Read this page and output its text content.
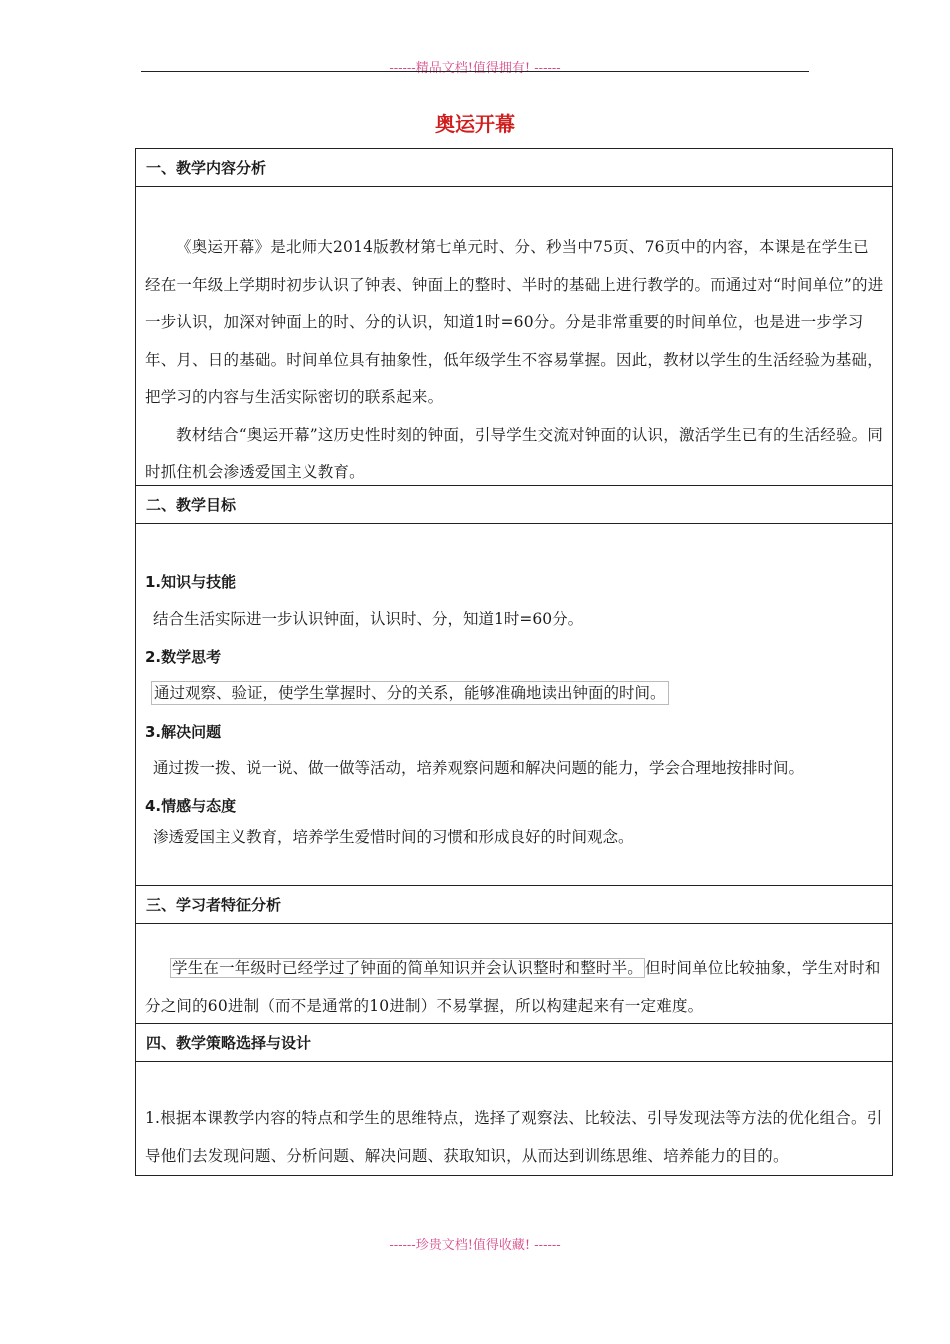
------精品文档!值得拥有! ------
奥运开幕
一、教学内容分析

《奥运开幕》是北师大2014版教材第七单元时、分、秒当中75页、76页中的内容，本课是在学生已经在一年级上学期时初步认识了钟表、钟面上的整时、半时的基础上进行教学的。而通过对“时间单位”的进一步认识，加深对钟面上的时、分的认识，知道1时=60分。分是非常重要的时间单位，也是进一步学习年、月、日的基础。时间单位具有抽象性，低年级学生不容易掌握。因此，教材以学生的生活经验为基础，把学习的内容与生活实际密切的联系起来。

教材结合“奥运开幕”这历史性时刻的钟面，引导学生交流对钟面的认识，激活学生已有的生活经验。同时抓住机会渗透爱国主义教育。

二、教学目标

1.知识与技能

结合生活实际进一步认识钟面，认识时、分，知道1时=60分。

2.数学思考

通过观察、验证，使学生掌握时、分的关系，能够准确地读出钟面的时间。

3.解决问题

通过拨一拨、说一说、做一做等活动，培养观察问题和解决问题的能力，学会合理地按排时间。

4.情感与态度

渗透爱国主义教育，培养学生爱惜时间的习惯和形成良好的时间观念。

三、学习者特征分析

学生在一年级时已经学过了钟面的简单知识并会认识整时和整时半。 但时间单位比较抽象，学生对时和分之间的60进制（而不是通常的10进制）不易掌握，所以构建起来有一定难度。

四、教学策略选择与设计

1.根据本课教学内容的特点和学生的思维特点，选择了观察法、比较法、引导发现法等方法的优化组合。引导他们去发现问题、分析问题、解决问题、获取知识，从而达到训练思维、培养能力的目的。

------珍贵文档!值得收藏! ------
